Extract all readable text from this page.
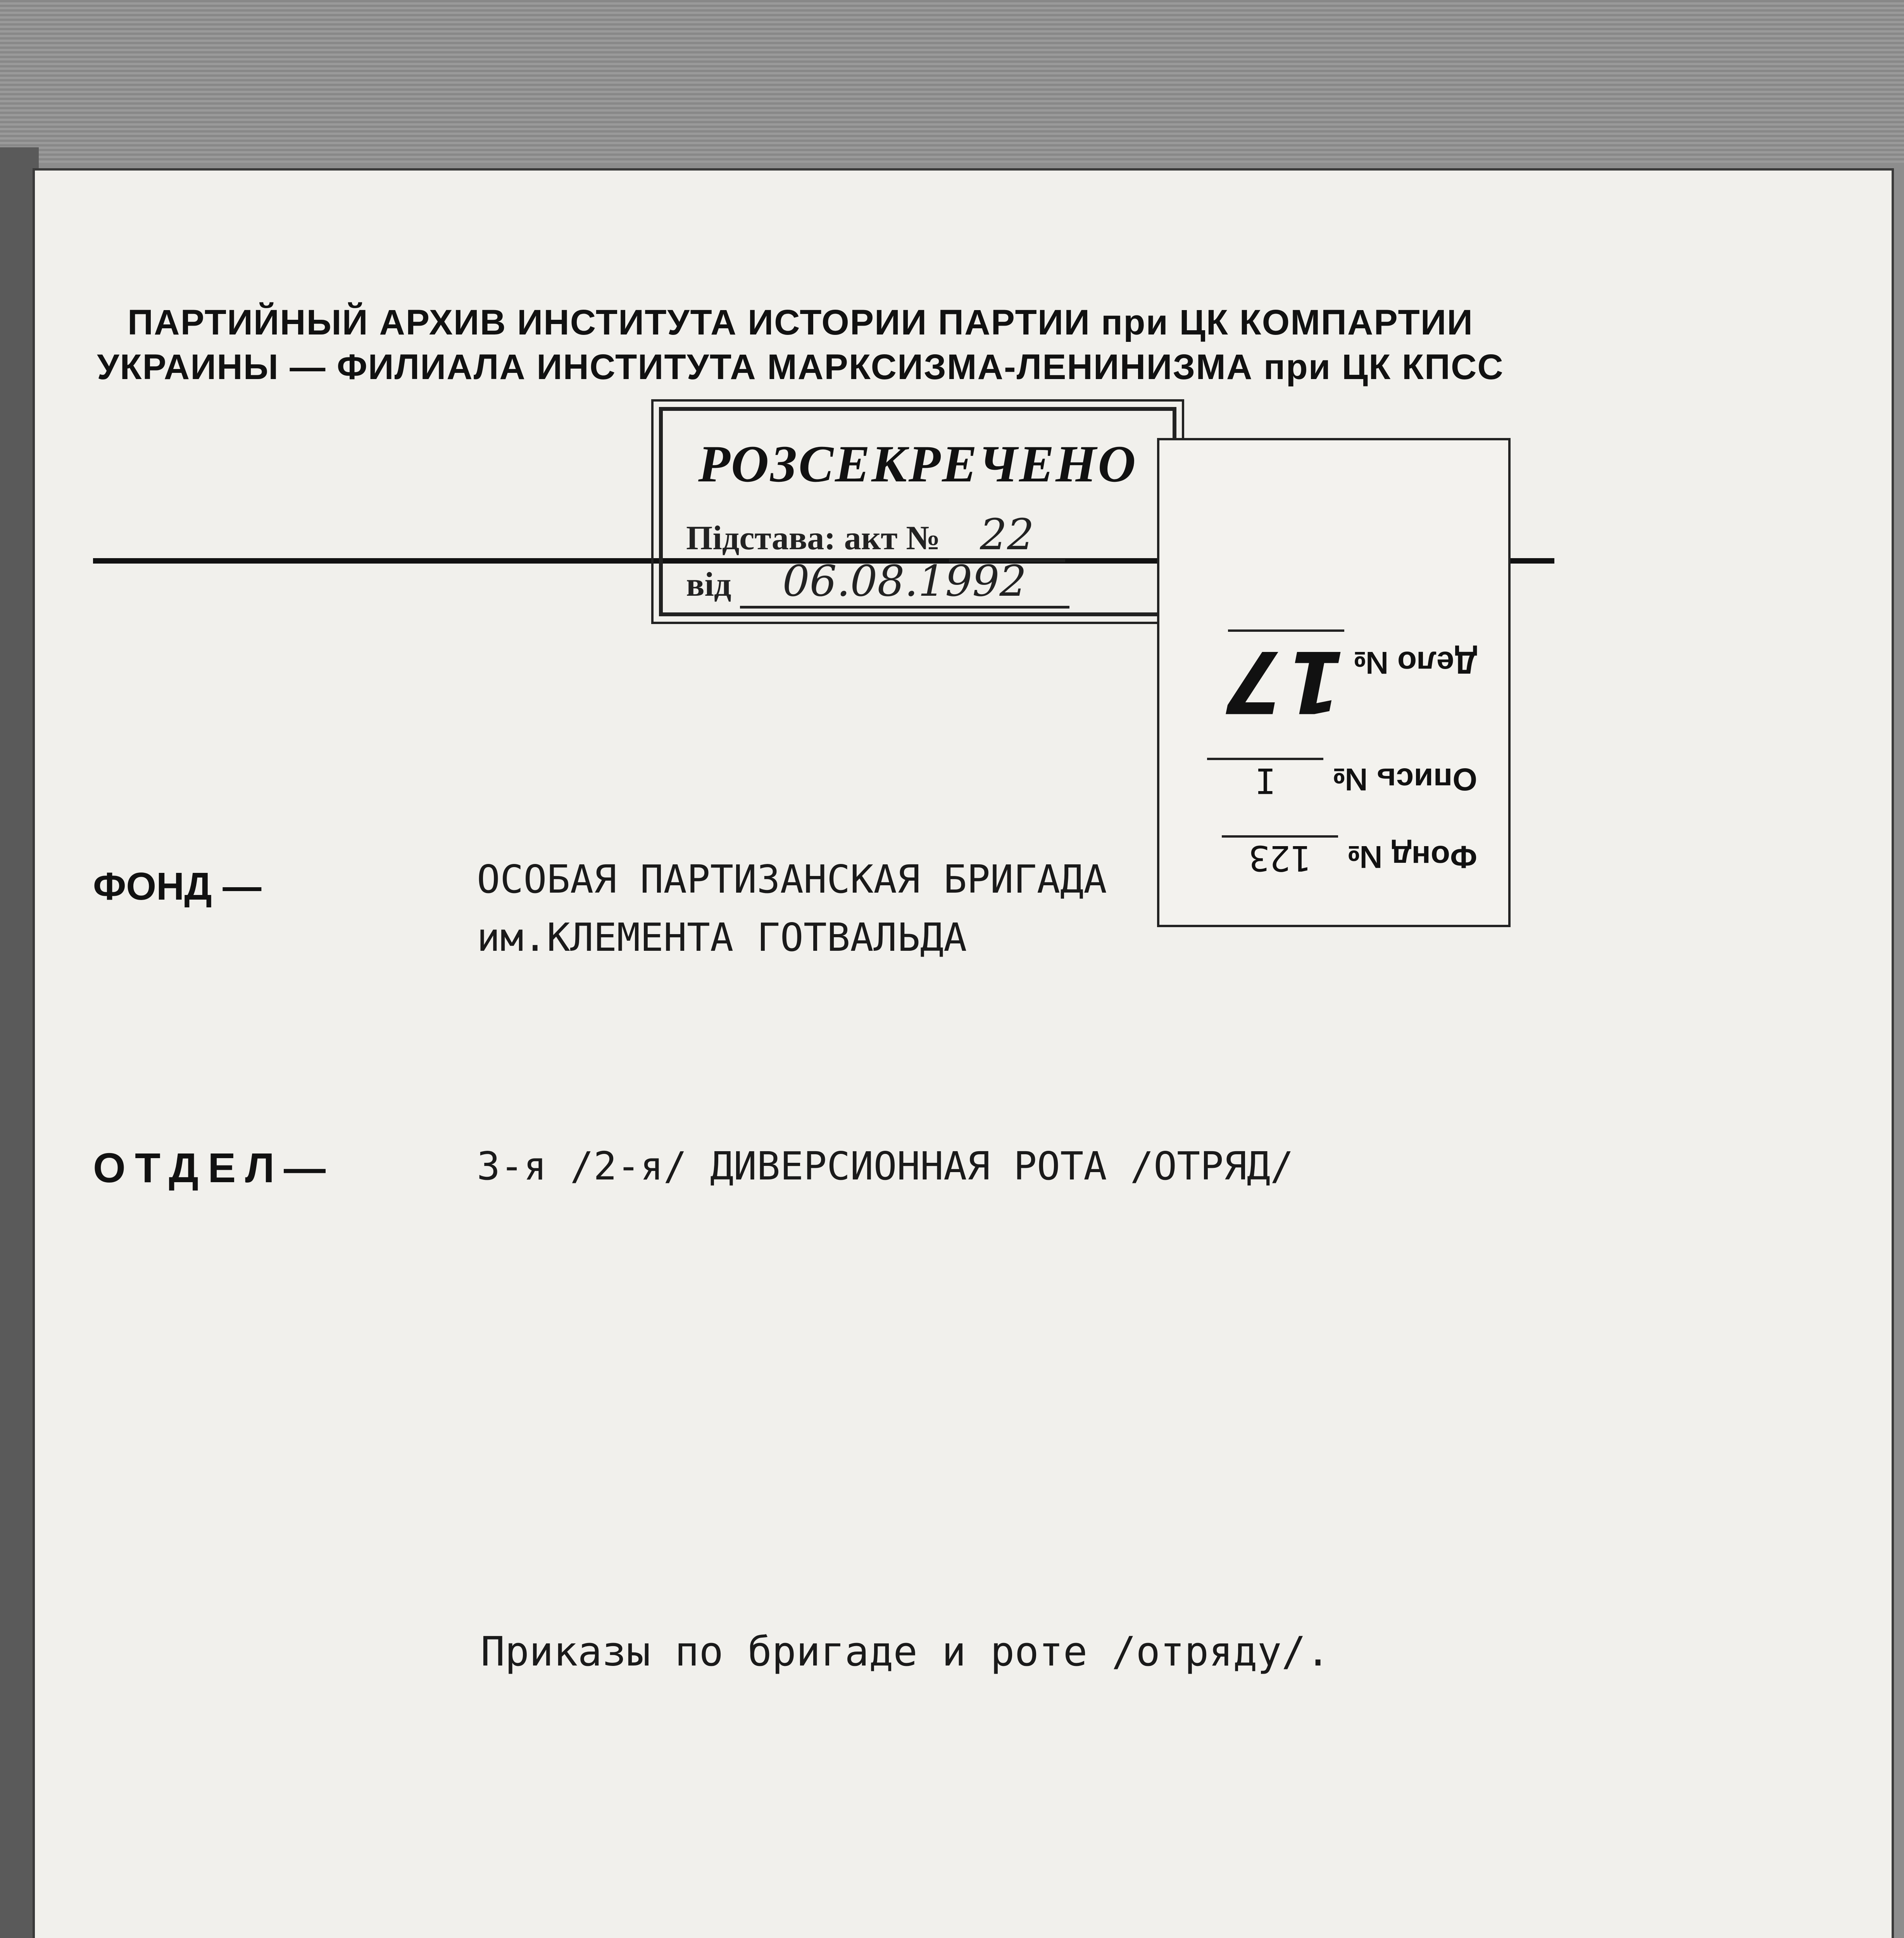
ПАРТИЙНЫЙ АРХИВ ИНСТИТУТА ИСТОРИИ ПАРТИИ при ЦК КОМПАРТИИ
УКРАИНЫ — ФИЛИАЛА ИНСТИТУТА МАРКСИЗМА-ЛЕНИНИЗМА при ЦК КПСС
РОЗСЕКРЕЧЕНО
Підстава: акт № 22
від 06.08.1992
Фонд № 123
Опись № I
Дело № 17
ФОНД —	ОСОБАЯ ПАРТИЗАНСКАЯ БРИГАДА
им.КЛЕМЕНТА ГОТВАЛЬДА
ОТДЕЛ—	3-я /2-я/ ДИВЕРСИОННАЯ РОТА /ОТРЯД/
Приказы по бригаде и роте /отряду/.
